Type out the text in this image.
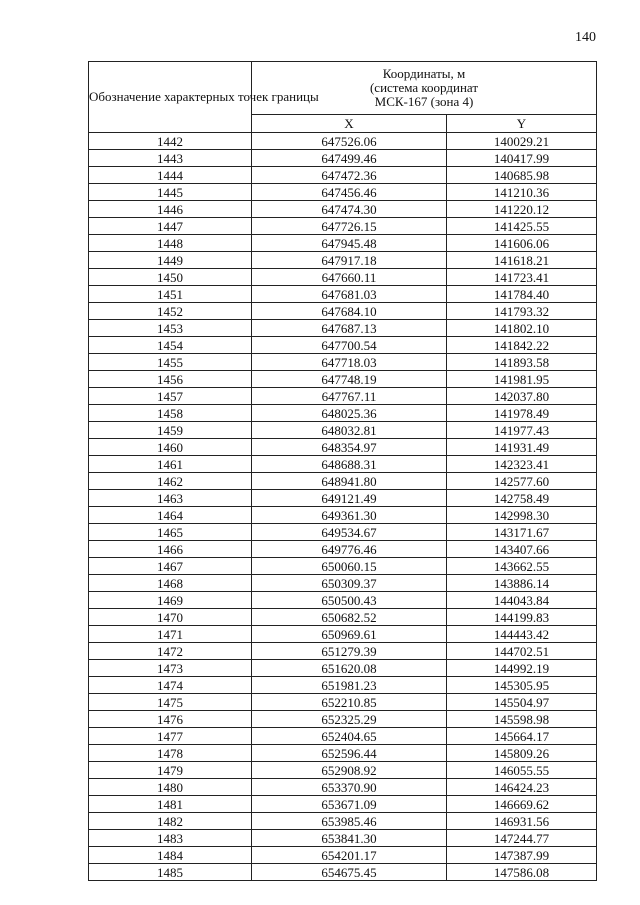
140
Обозначение характерных точек границы	Координаты, м
(система координат
МСК-167 (зона 4)	

	X	Y
1442	647526.06	140029.21
1443	647499.46	140417.99
1444	647472.36	140685.98
1445	647456.46	141210.36
1446	647474.30	141220.12
1447	647726.15	141425.55
1448	647945.48	141606.06
1449	647917.18	141618.21
1450	647660.11	141723.41
1451	647681.03	141784.40
1452	647684.10	141793.32
1453	647687.13	141802.10
1454	647700.54	141842.22
1455	647718.03	141893.58
1456	647748.19	141981.95
1457	647767.11	142037.80
1458	648025.36	141978.49
1459	648032.81	141977.43
1460	648354.97	141931.49
1461	648688.31	142323.41
1462	648941.80	142577.60
1463	649121.49	142758.49
1464	649361.30	142998.30
1465	649534.67	143171.67
1466	649776.46	143407.66
1467	650060.15	143662.55
1468	650309.37	143886.14
1469	650500.43	144043.84
1470	650682.52	144199.83
1471	650969.61	144443.42
1472	651279.39	144702.51
1473	651620.08	144992.19
1474	651981.23	145305.95
1475	652210.85	145504.97
1476	652325.29	145598.98
1477	652404.65	145664.17
1478	652596.44	145809.26
1479	652908.92	146055.55
1480	653370.90	146424.23
1481	653671.09	146669.62
1482	653985.46	146931.56
1483	653841.30	147244.77
1484	654201.17	147387.99
1485	654675.45	147586.08
